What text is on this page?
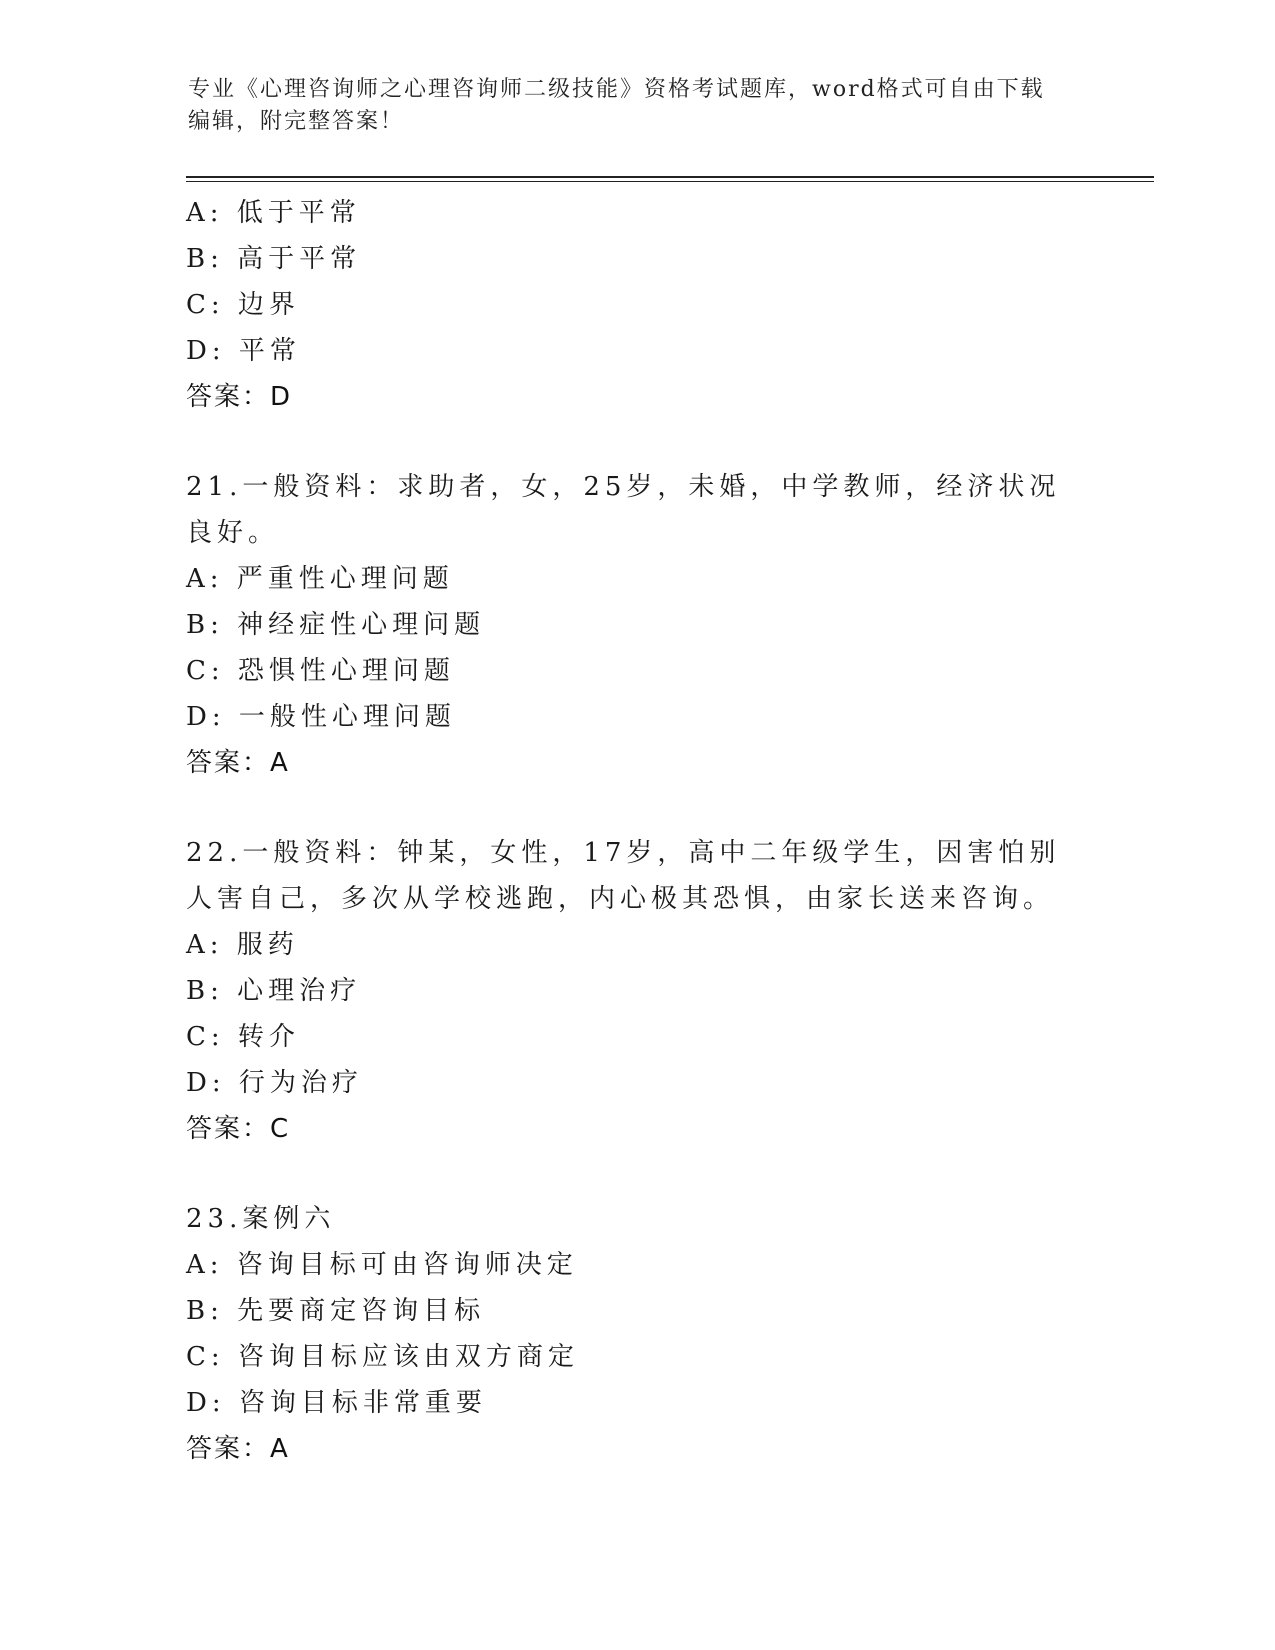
专业《心理咨询师之心理咨询师二级技能》资格考试题库，word格式可自由下载
编辑，附完整答案！
A: 低于平常
B: 高于平常
C: 边界
D: 平常
答案：D
21.一般资料：求助者，女，25岁，未婚，中学教师，经济状况良好。
A: 严重性心理问题
B: 神经症性心理问题
C: 恐惧性心理问题
D: 一般性心理问题
答案：A
22.一般资料：钟某，女性，17岁，高中二年级学生，因害怕别人害自己，多次从学校逃跑，内心极其恐惧，由家长送来咨询。
A: 服药
B: 心理治疗
C: 转介
D: 行为治疗
答案：C
23.案例六
A: 咨询目标可由咨询师决定
B: 先要商定咨询目标
C: 咨询目标应该由双方商定
D: 咨询目标非常重要
答案：A
